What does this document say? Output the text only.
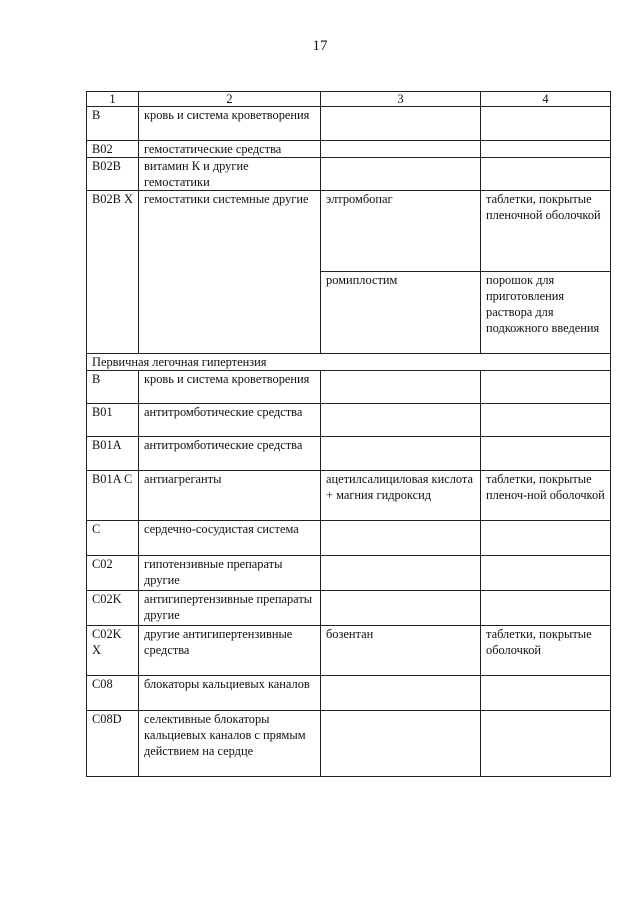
17
1	2	3	4
B	кровь и система кроветворения		
B02	гемостатические средства		
B02B	витамин К и другие гемостатики		
B02B X	гемостатики системные другие	элтромбопаг	таблетки, покрытые пленочной оболочкой
		ромиплостим	порошок для приготовления раствора для подкожного введения
Первичная легочная гипертензия			
B	кровь и система кроветворения		
B01	антитромботические средства		
B01A	антитромботические средства		
B01A C	антиагреганты	ацетилсалициловая кислота + магния гидроксид	таблетки, покрытые пленоч-ной оболочкой
C	сердечно-сосудистая система		
C02	гипотензивные препараты другие		
C02K	антигипертензивные препараты другие		
C02K X	другие антигипертензивные средства	бозентан	таблетки, покрытые оболочкой
C08	блокаторы кальциевых каналов		
C08D	селективные блокаторы кальциевых каналов с прямым действием на сердце		
